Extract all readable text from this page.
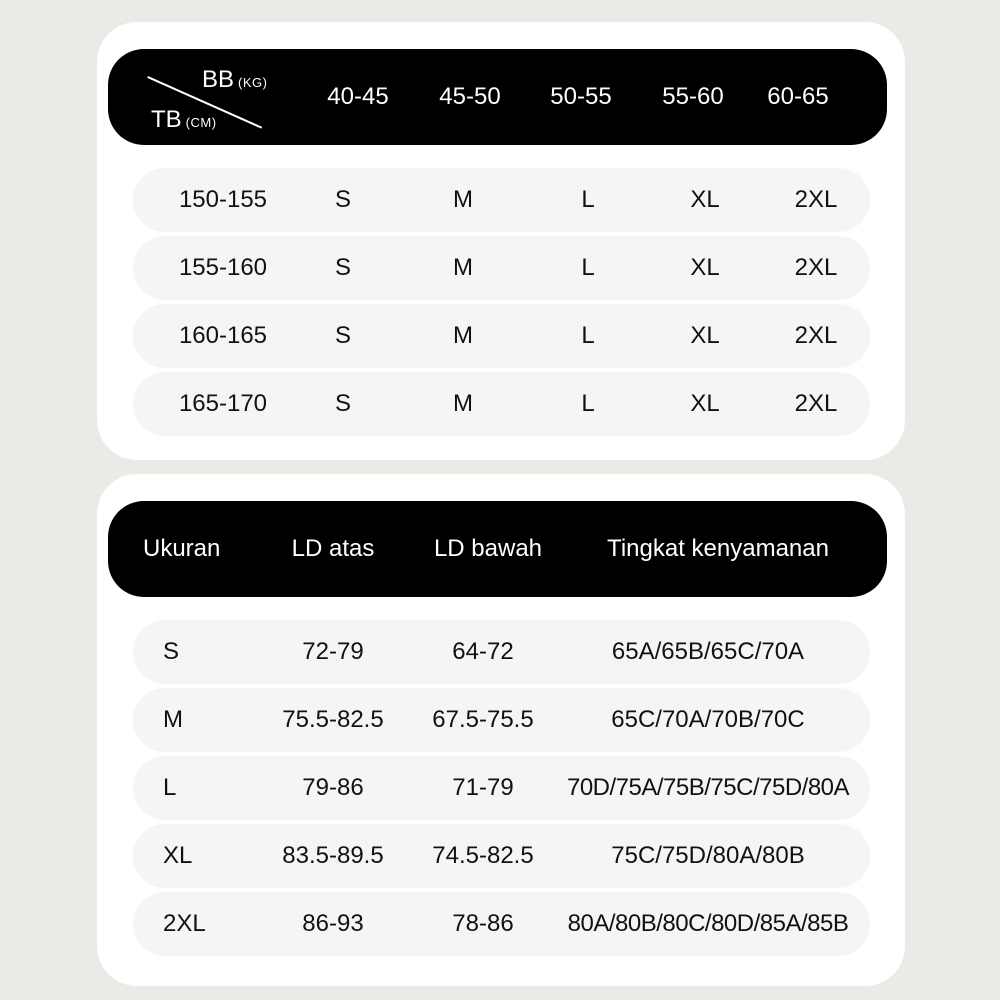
BB (KG)
TB (CM)
40-45	45-50	50-55	55-60	60-65
150-155	S	M	L	XL	2XL
155-160	S	M	L	XL	2XL
160-165	S	M	L	XL	2XL
165-170	S	M	L	XL	2XL
Ukuran	LD atas	LD bawah	Tingkat kenyamanan
S	72-79	64-72	65A/65B/65C/70A
M	75.5-82.5	67.5-75.5	65C/70A/70B/70C
L	79-86	71-79	70D/75A/75B/75C/75D/80A
XL	83.5-89.5	74.5-82.5	75C/75D/80A/80B
2XL	86-93	78-86	80A/80B/80C/80D/85A/85B
